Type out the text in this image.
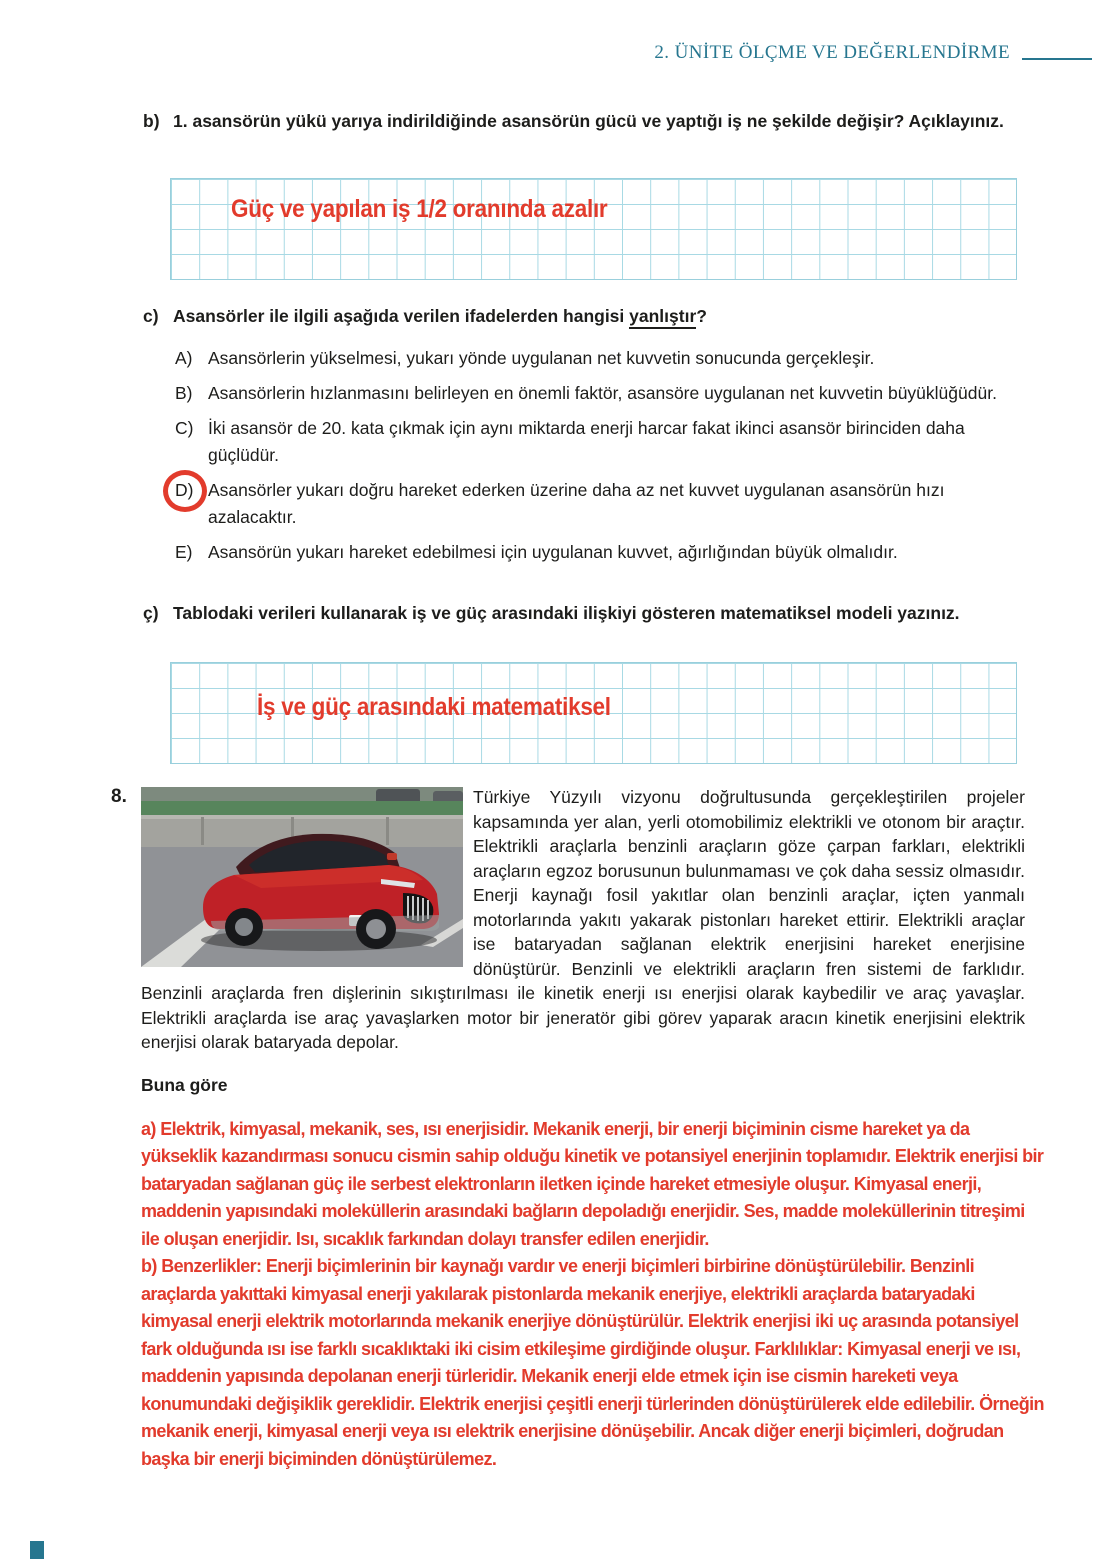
2. ÜNİTE ÖLÇME VE DEĞERLENDİRME
b) 1. asansörün yükü yarıya indirildiğinde asansörün gücü ve yaptığı iş ne şekilde değişir? Açıklayınız.
Güç ve yapılan iş 1/2 oranında azalır
c) Asansörler ile ilgili aşağıda verilen ifadelerden hangisi yanlıştır?
A) Asansörlerin yükselmesi, yukarı yönde uygulanan net kuvvetin sonucunda gerçekleşir.
B) Asansörlerin hızlanmasını belirleyen en önemli faktör, asansöre uygulanan net kuvvetin büyüklüğüdür.
C) İki asansör de 20. kata çıkmak için aynı miktarda enerji harcar fakat ikinci asansör birinciden daha güçlüdür.
D) Asansörler yukarı doğru hareket ederken üzerine daha az net kuvvet uygulanan asansörün hızı azalacaktır.
E) Asansörün yukarı hareket edebilmesi için uygulanan kuvvet, ağırlığından büyük olmalıdır.
ç) Tablodaki verileri kullanarak iş ve güç arasındaki ilişkiyi gösteren matematiksel modeli yazınız.
İş ve güç arasındaki matematiksel
8.	Türkiye Yüzyılı vizyonu doğrultusunda gerçekleştirilen projeler kapsamında yer alan, yerli otomobilimiz elektrikli ve otonom bir araçtır. Elektrikli araçlarla benzinli araçların göze çarpan farkları, elektrikli araçların egzoz borusunun bulunmaması ve çok daha sessiz olmasıdır. Enerji kaynağı fosil yakıtlar olan benzinli araçlar, içten yanmalı motorlarında yakıtı yakarak pistonları hareket ettirir. Elektrikli araçlar ise bataryadan sağlanan elektrik enerjisini hareket enerjisine dönüştürür. Benzinli ve elektrikli araçların fren sistemi de farklıdır. Benzinli araçlarda fren dişlerinin sıkıştırılması ile kinetik enerji ısı enerjisi olarak kaybedilir ve araç yavaşlar. Elektrikli araçlarda ise araç yavaşlarken motor bir jeneratör gibi görev yaparak aracın kinetik enerjisini elektrik enerjisi olarak bataryada depolar.

Buna göre

a) Elektrik, kimyasal, mekanik, ses, ısı enerjisidir. Mekanik enerji, bir enerji biçiminin cisme hareket ya da yükseklik kazandırması sonucu cismin sahip olduğu kinetik ve potansiyel enerjinin toplamıdır. Elektrik enerjisi bir bataryadan sağlanan güç ile serbest elektronların iletken içinde hareket etmesiyle oluşur. Kimyasal enerji, maddenin yapısındaki moleküllerin arasındaki bağların depoladığı enerjidir. Ses, madde moleküllerinin titreşimi ile oluşan enerjidir. Isı, sıcaklık farkından dolayı transfer edilen enerjidir.

b) Benzerlikler: Enerji biçimlerinin bir kaynağı vardır ve enerji biçimleri birbirine dönüştürülebilir. Benzinli araçlarda yakıttaki kimyasal enerji yakılarak pistonlarda mekanik enerjiye, elektrikli araçlarda bataryadaki kimyasal enerji elektrik motorlarında mekanik enerjiye dönüştürülür. Elektrik enerjisi iki uç arasında potansiyel fark olduğunda ısı ise farklı sıcaklıktaki iki cisim etkileşime girdiğinde oluşur. Farklılıklar: Kimyasal enerji ve ısı, maddenin yapısında depolanan enerji türleridir. Mekanik enerji elde etmek için ise cismin hareketi veya konumundaki değişiklik gereklidir. Elektrik enerjisi çeşitli enerji türlerinden dönüştürülerek elde edilebilir. Örneğin mekanik enerji, kimyasal enerji veya ısı elektrik enerjisine dönüşebilir. Ancak diğer enerji biçimleri, doğrudan başka bir enerji biçiminden dönüştürülemez.
